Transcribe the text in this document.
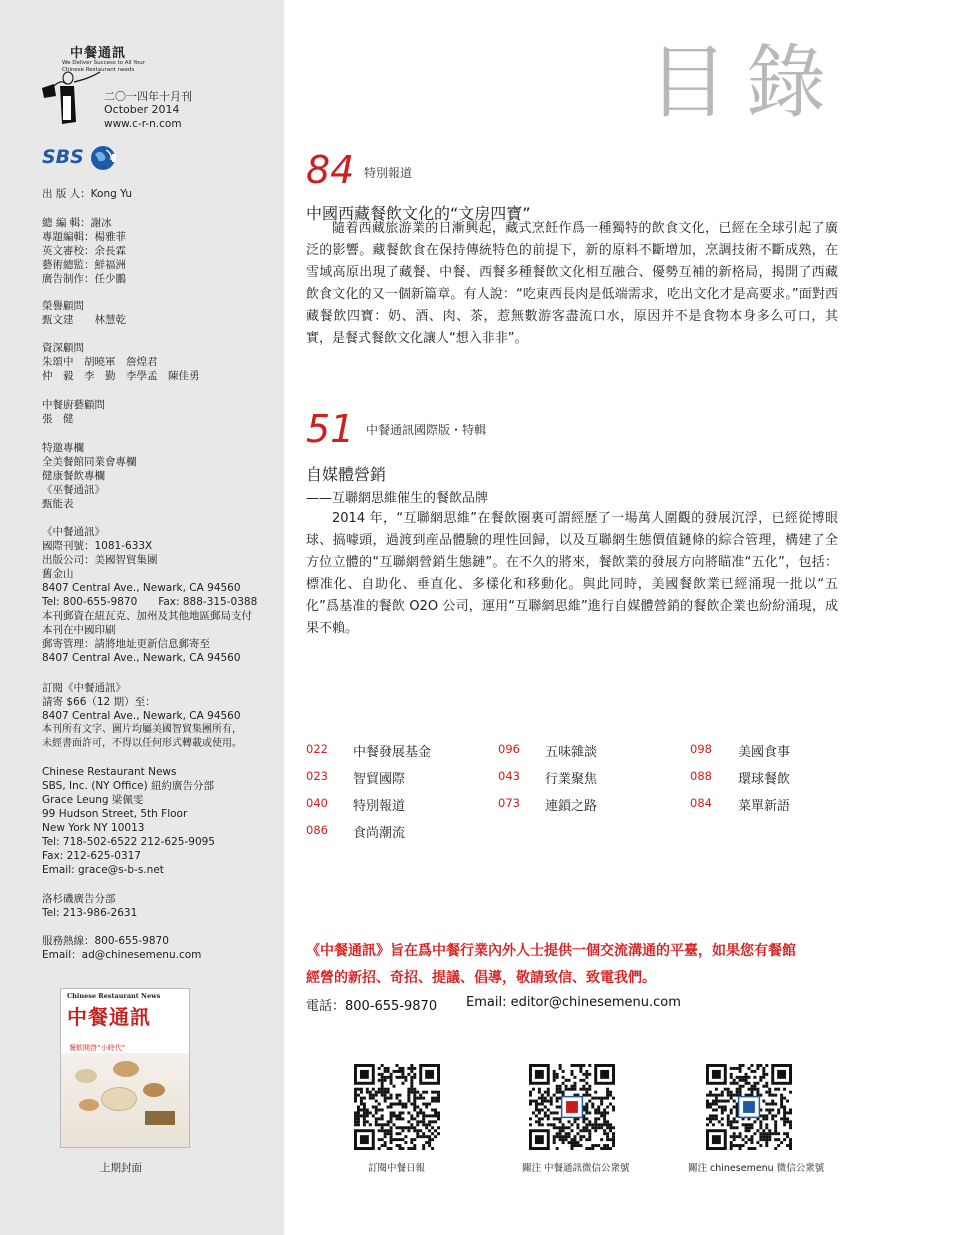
中餐通訊
We Deliver Success to All Your
Chinese Restaurant needs
二〇一四年十月刊
October 2014
www.c-r-n.com
SBS
出 版 人：Kong Yu
總 編 輯：謝冰
專題編輯：楊雅菲
英文審校：余長霖
藝術總監：鮮福洲
廣告制作：任少鵬
榮譽顧問
甄文建　　林慧乾
資深顧問
朱頌中　胡曉軍　詹煌君
仲　毅　李　勤　李學孟　陳佳勇
中餐廚藝顧問
張　健
特邀專欄
全美餐館同業會專欄
健康餐飲專欄
《巫餐通訊》
甄能表
《中餐通訊》
國際刊號：1081-633X
出版公司：美國智貿集團
舊金山
8407 Central Ave., Newark, CA 94560
Tel: 800-655-9870　　Fax: 888-315-0388
本刊郵資在紐瓦克、加州及其他地區郵局支付
本刊在中國印刷
郵寄管理：請將地址更新信息郵寄至
8407 Central Ave., Newark, CA 94560
訂閱《中餐通訊》
請寄 $66（12 期）至：
8407 Central Ave., Newark, CA 94560
本刊所有文字、圖片均屬美國智貿集團所有，
未經書面許可，不得以任何形式轉載或使用。
Chinese Restaurant News
SBS, Inc. (NY Office) 紐約廣告分部
Grace Leung 梁佩雯
99 Hudson Street, 5th Floor
New York NY 10013
Tel: 718-502-6522 212-625-9095
Fax: 212-625-0317
Email: grace@s-b-s.net
洛杉磯廣告分部
Tel: 213-986-2631
服務熱線：800-655-9870
Email：ad@chinesemenu.com
Chinese Restaurant News
中餐通訊
餐飲開啓“小時代”
上期封面
目錄
84 特別報道
中國西藏餐飲文化的“文房四寶”
隨着西藏旅游業的日漸興起，藏式烹飪作爲一種獨特的飲食文化，已經在全球引起了廣泛的影響。藏餐飲食在保持傳統特色的前提下，新的原料不斷增加，烹調技術不斷成熟，在雪域高原出現了藏餐、中餐、西餐多種餐飲文化相互融合、優勢互補的新格局，揭開了西藏飲食文化的又一個新篇章。有人說：“吃東西長肉是低端需求，吃出文化才是高要求。”面對西藏餐飲四寶：奶、酒、肉、茶，惹無數游客盡流口水，原因并不是食物本身多么可口，其實，是餐式餐飲文化讓人“想入非非”。
51 中餐通訊國際版・特輯
自媒體營銷
——互聯網思維催生的餐飲品牌
2014 年，“互聯網思維”在餐飲圈裏可謂經歷了一場萬人圍觀的發展沉浮，已經從博眼球、搞噱頭，過渡到産品體驗的理性回歸，以及互聯網生態價值鏈條的綜合管理，構建了全方位立體的“互聯網營銷生態鏈”。在不久的將來，餐飲業的發展方向將瞄准“五化”，包括：標准化、自助化、垂直化、多樣化和移動化。與此同時，美國餐飲業已經涌現一批以“五化”爲基准的餐飲 O2O 公司，運用“互聯網思維”進行自媒體營銷的餐飲企業也紛紛涌現，成果不賴。
022 中餐發展基金	096 五味雜談	098 美國食事
023 智貿國際	043 行業聚焦	088 環球餐飲
040 特別報道	073 連鎖之路	084 菜單新語
086 食尚潮流
《中餐通訊》旨在爲中餐行業內外人士提供一個交流溝通的平臺，如果您有餐館
經營的新招、奇招、提議、倡導，敬請致信、致電我們。
電話：800-655-9870 Email: editor@chinesemenu.com
訂閱中餐日報	關注 中餐通訊微信公衆號	關注 chinesemenu 微信公衆號
